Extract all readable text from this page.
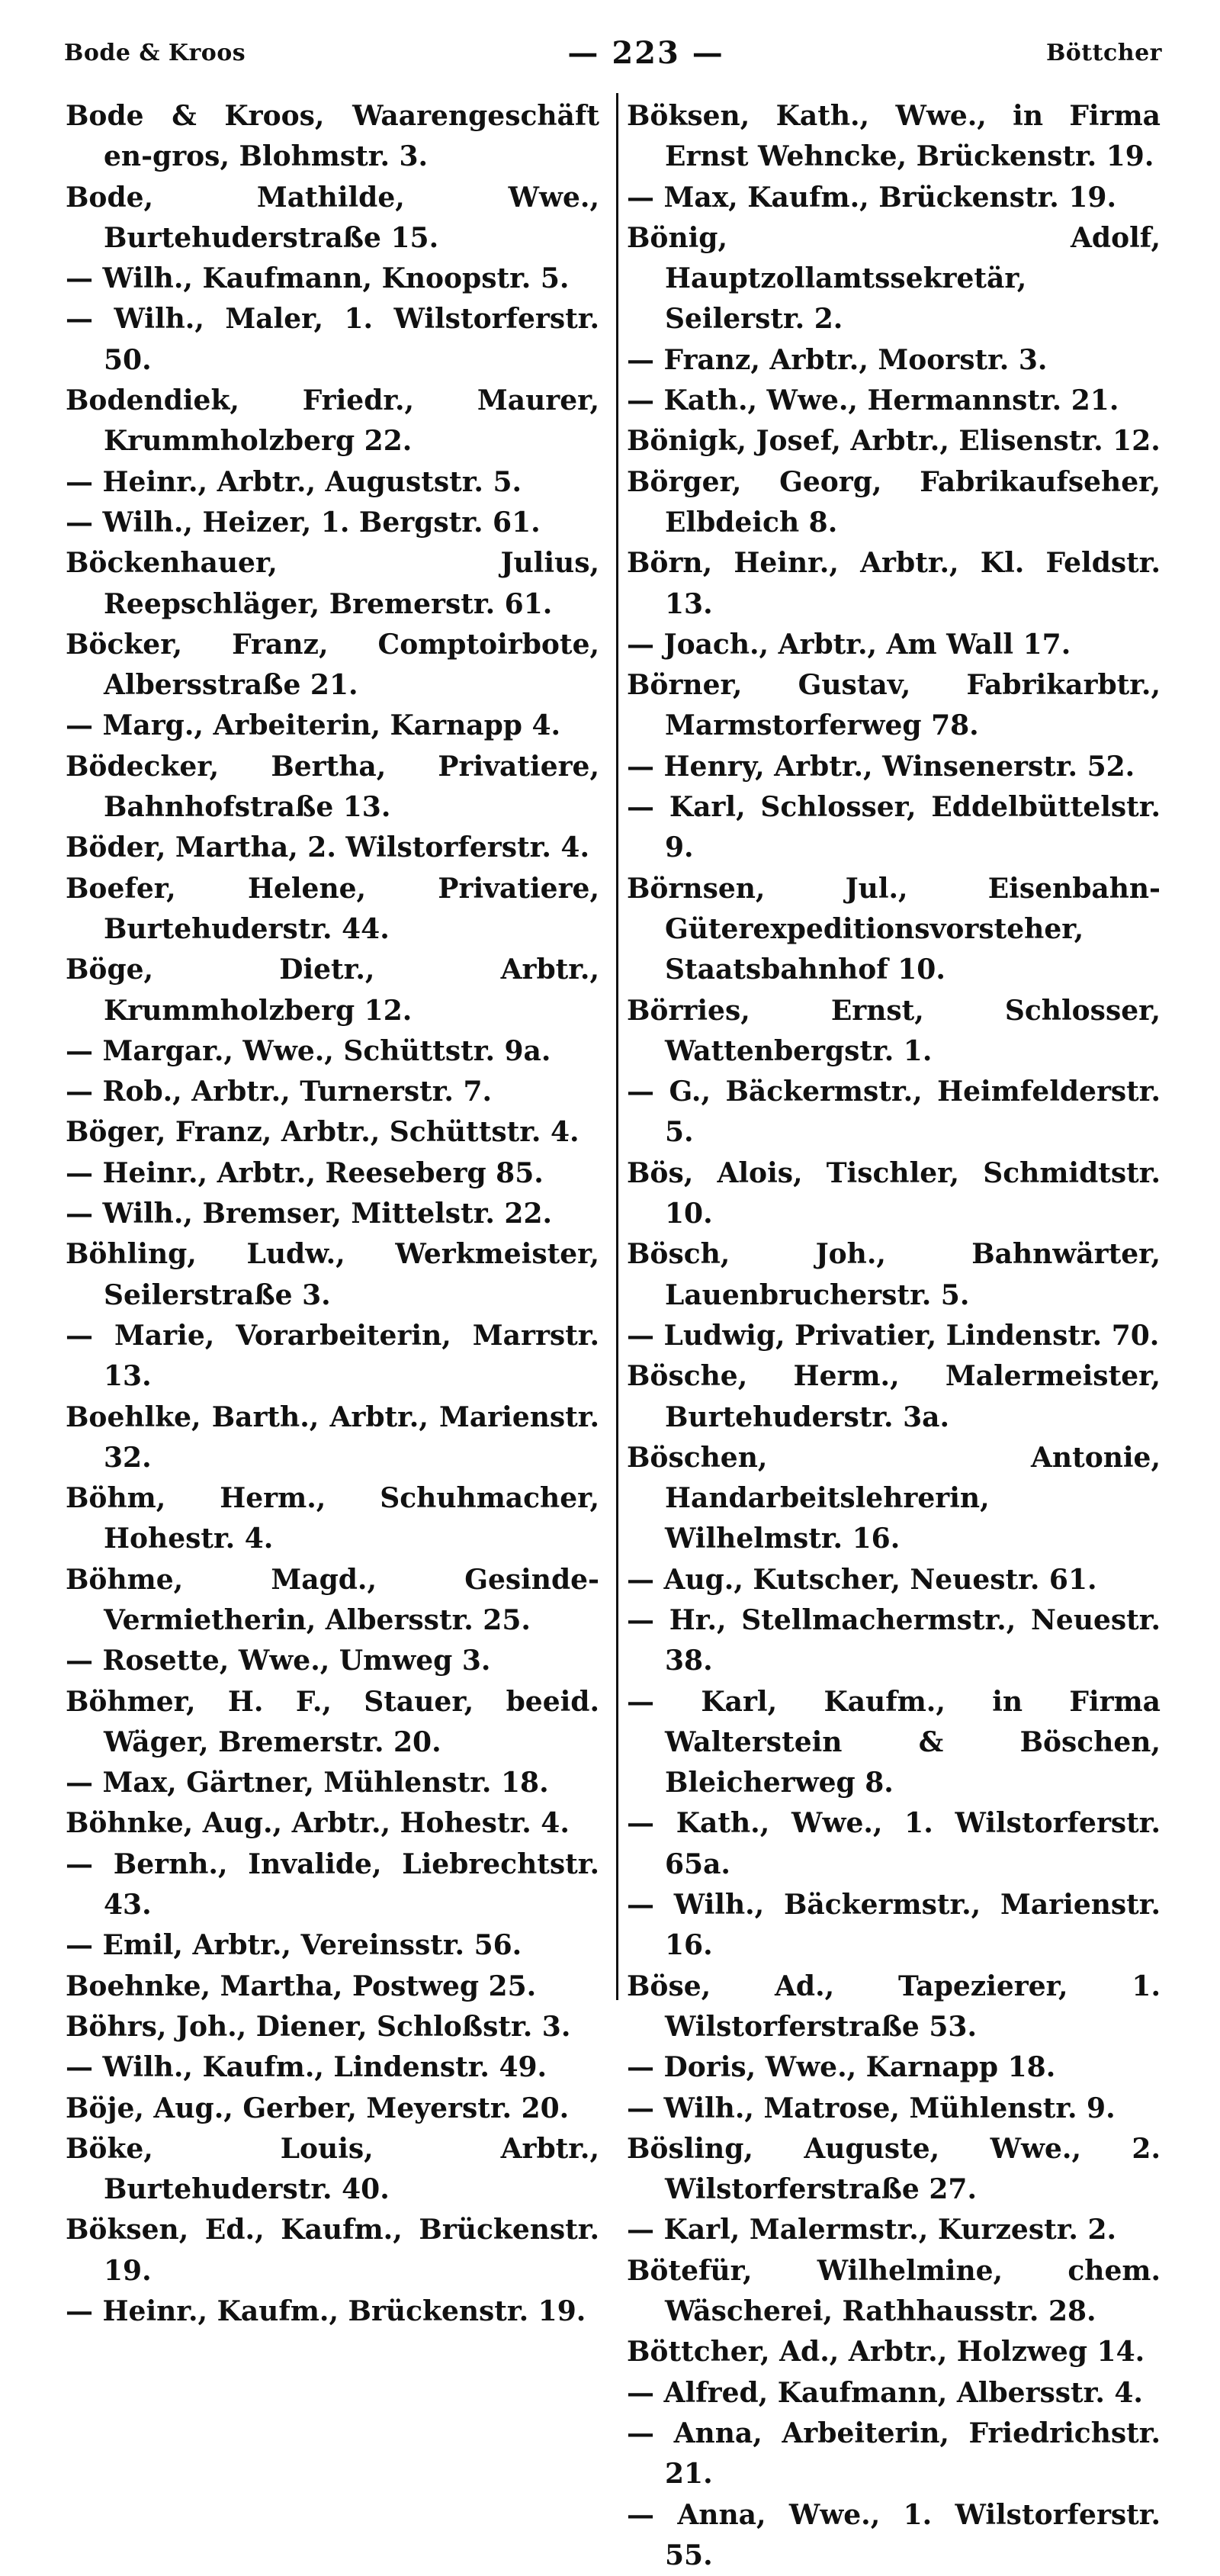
Bode & Kroos	— 223 —	Böttcher

Bode & Kroos, Waarengeschäft en-gros, Blohmstr. 3.

Bode, Mathilde, Wwe., Burtehuderstraße 15.

— Wilh., Kaufmann, Knoopstr. 5.

— Wilh., Maler, 1. Wilstorferstr. 50.

Bodendiek, Friedr., Maurer, Krummholzberg 22.

— Heinr., Arbtr., Auguststr. 5.

— Wilh., Heizer, 1. Bergstr. 61.

Böckenhauer, Julius, Reepschläger, Bremerstr. 61.

Böcker, Franz, Comptoirbote, Albersstraße 21.

— Marg., Arbeiterin, Karnapp 4.

Bödecker, Bertha, Privatiere, Bahnhofstraße 13.

Böder, Martha, 2. Wilstorferstr. 4.

Boefer, Helene, Privatiere, Burtehuderstr. 44.

Böge, Dietr., Arbtr., Krummholzberg 12.

— Margar., Wwe., Schüttstr. 9a.

— Rob., Arbtr., Turnerstr. 7.

Böger, Franz, Arbtr., Schüttstr. 4.

— Heinr., Arbtr., Reeseberg 85.

— Wilh., Bremser, Mittelstr. 22.

Böhling, Ludw., Werkmeister, Seilerstraße 3.

— Marie, Vorarbeiterin, Marrstr. 13.

Boehlke, Barth., Arbtr., Marienstr. 32.

Böhm, Herm., Schuhmacher, Hohestr. 4.

Böhme, Magd., Gesinde-Vermietherin, Albersstr. 25.

— Rosette, Wwe., Umweg 3.

Böhmer, H. F., Stauer, beeid. Wäger, Bremerstr. 20.

— Max, Gärtner, Mühlenstr. 18.

Böhnke, Aug., Arbtr., Hohestr. 4.

— Bernh., Invalide, Liebrechtstr. 43.

— Emil, Arbtr., Vereinsstr. 56.

Boehnke, Martha, Postweg 25.

Böhrs, Joh., Diener, Schloßstr. 3.

— Wilh., Kaufm., Lindenstr. 49.

Böje, Aug., Gerber, Meyerstr. 20.

Böke, Louis, Arbtr., Burtehuderstr. 40.

Böksen, Ed., Kaufm., Brückenstr. 19.

— Heinr., Kaufm., Brückenstr. 19.

Böksen, Kath., Wwe., in Firma Ernst Wehncke, Brückenstr. 19.

— Max, Kaufm., Brückenstr. 19.

Bönig, Adolf, Hauptzollamtssekretär, Seilerstr. 2.

— Franz, Arbtr., Moorstr. 3.

— Kath., Wwe., Hermannstr. 21.

Bönigk, Josef, Arbtr., Elisenstr. 12.

Börger, Georg, Fabrikaufseher, Elbdeich 8.

Börn, Heinr., Arbtr., Kl. Feldstr. 13.

— Joach., Arbtr., Am Wall 17.

Börner, Gustav, Fabrikarbtr., Marmstorferweg 78.

— Henry, Arbtr., Winsenerstr. 52.

— Karl, Schlosser, Eddelbüttelstr. 9.

Börnsen, Jul., Eisenbahn-Güterexpeditionsvorsteher, Staatsbahnhof 10.

Börries, Ernst, Schlosser, Wattenbergstr. 1.

— G., Bäckermstr., Heimfelderstr. 5.

Bös, Alois, Tischler, Schmidtstr. 10.

Bösch, Joh., Bahnwärter, Lauenbrucherstr. 5.

— Ludwig, Privatier, Lindenstr. 70.

Bösche, Herm., Malermeister, Burtehuderstr. 3a.

Böschen, Antonie, Handarbeitslehrerin, Wilhelmstr. 16.

— Aug., Kutscher, Neuestr. 61.

— Hr., Stellmachermstr., Neuestr. 38.

— Karl, Kaufm., in Firma Walterstein & Böschen, Bleicherweg 8.

— Kath., Wwe., 1. Wilstorferstr. 65a.

— Wilh., Bäckermstr., Marienstr. 16.

Böse, Ad., Tapezierer, 1. Wilstorferstraße 53.

— Doris, Wwe., Karnapp 18.

— Wilh., Matrose, Mühlenstr. 9.

Bösling, Auguste, Wwe., 2. Wilstorferstraße 27.

— Karl, Malermstr., Kurzestr. 2.

Bötefür, Wilhelmine, chem. Wäscherei, Rathhausstr. 28.

Böttcher, Ad., Arbtr., Holzweg 14.

— Alfred, Kaufmann, Albersstr. 4.

— Anna, Arbeiterin, Friedrichstr. 21.

— Anna, Wwe., 1. Wilstorferstr. 55.
